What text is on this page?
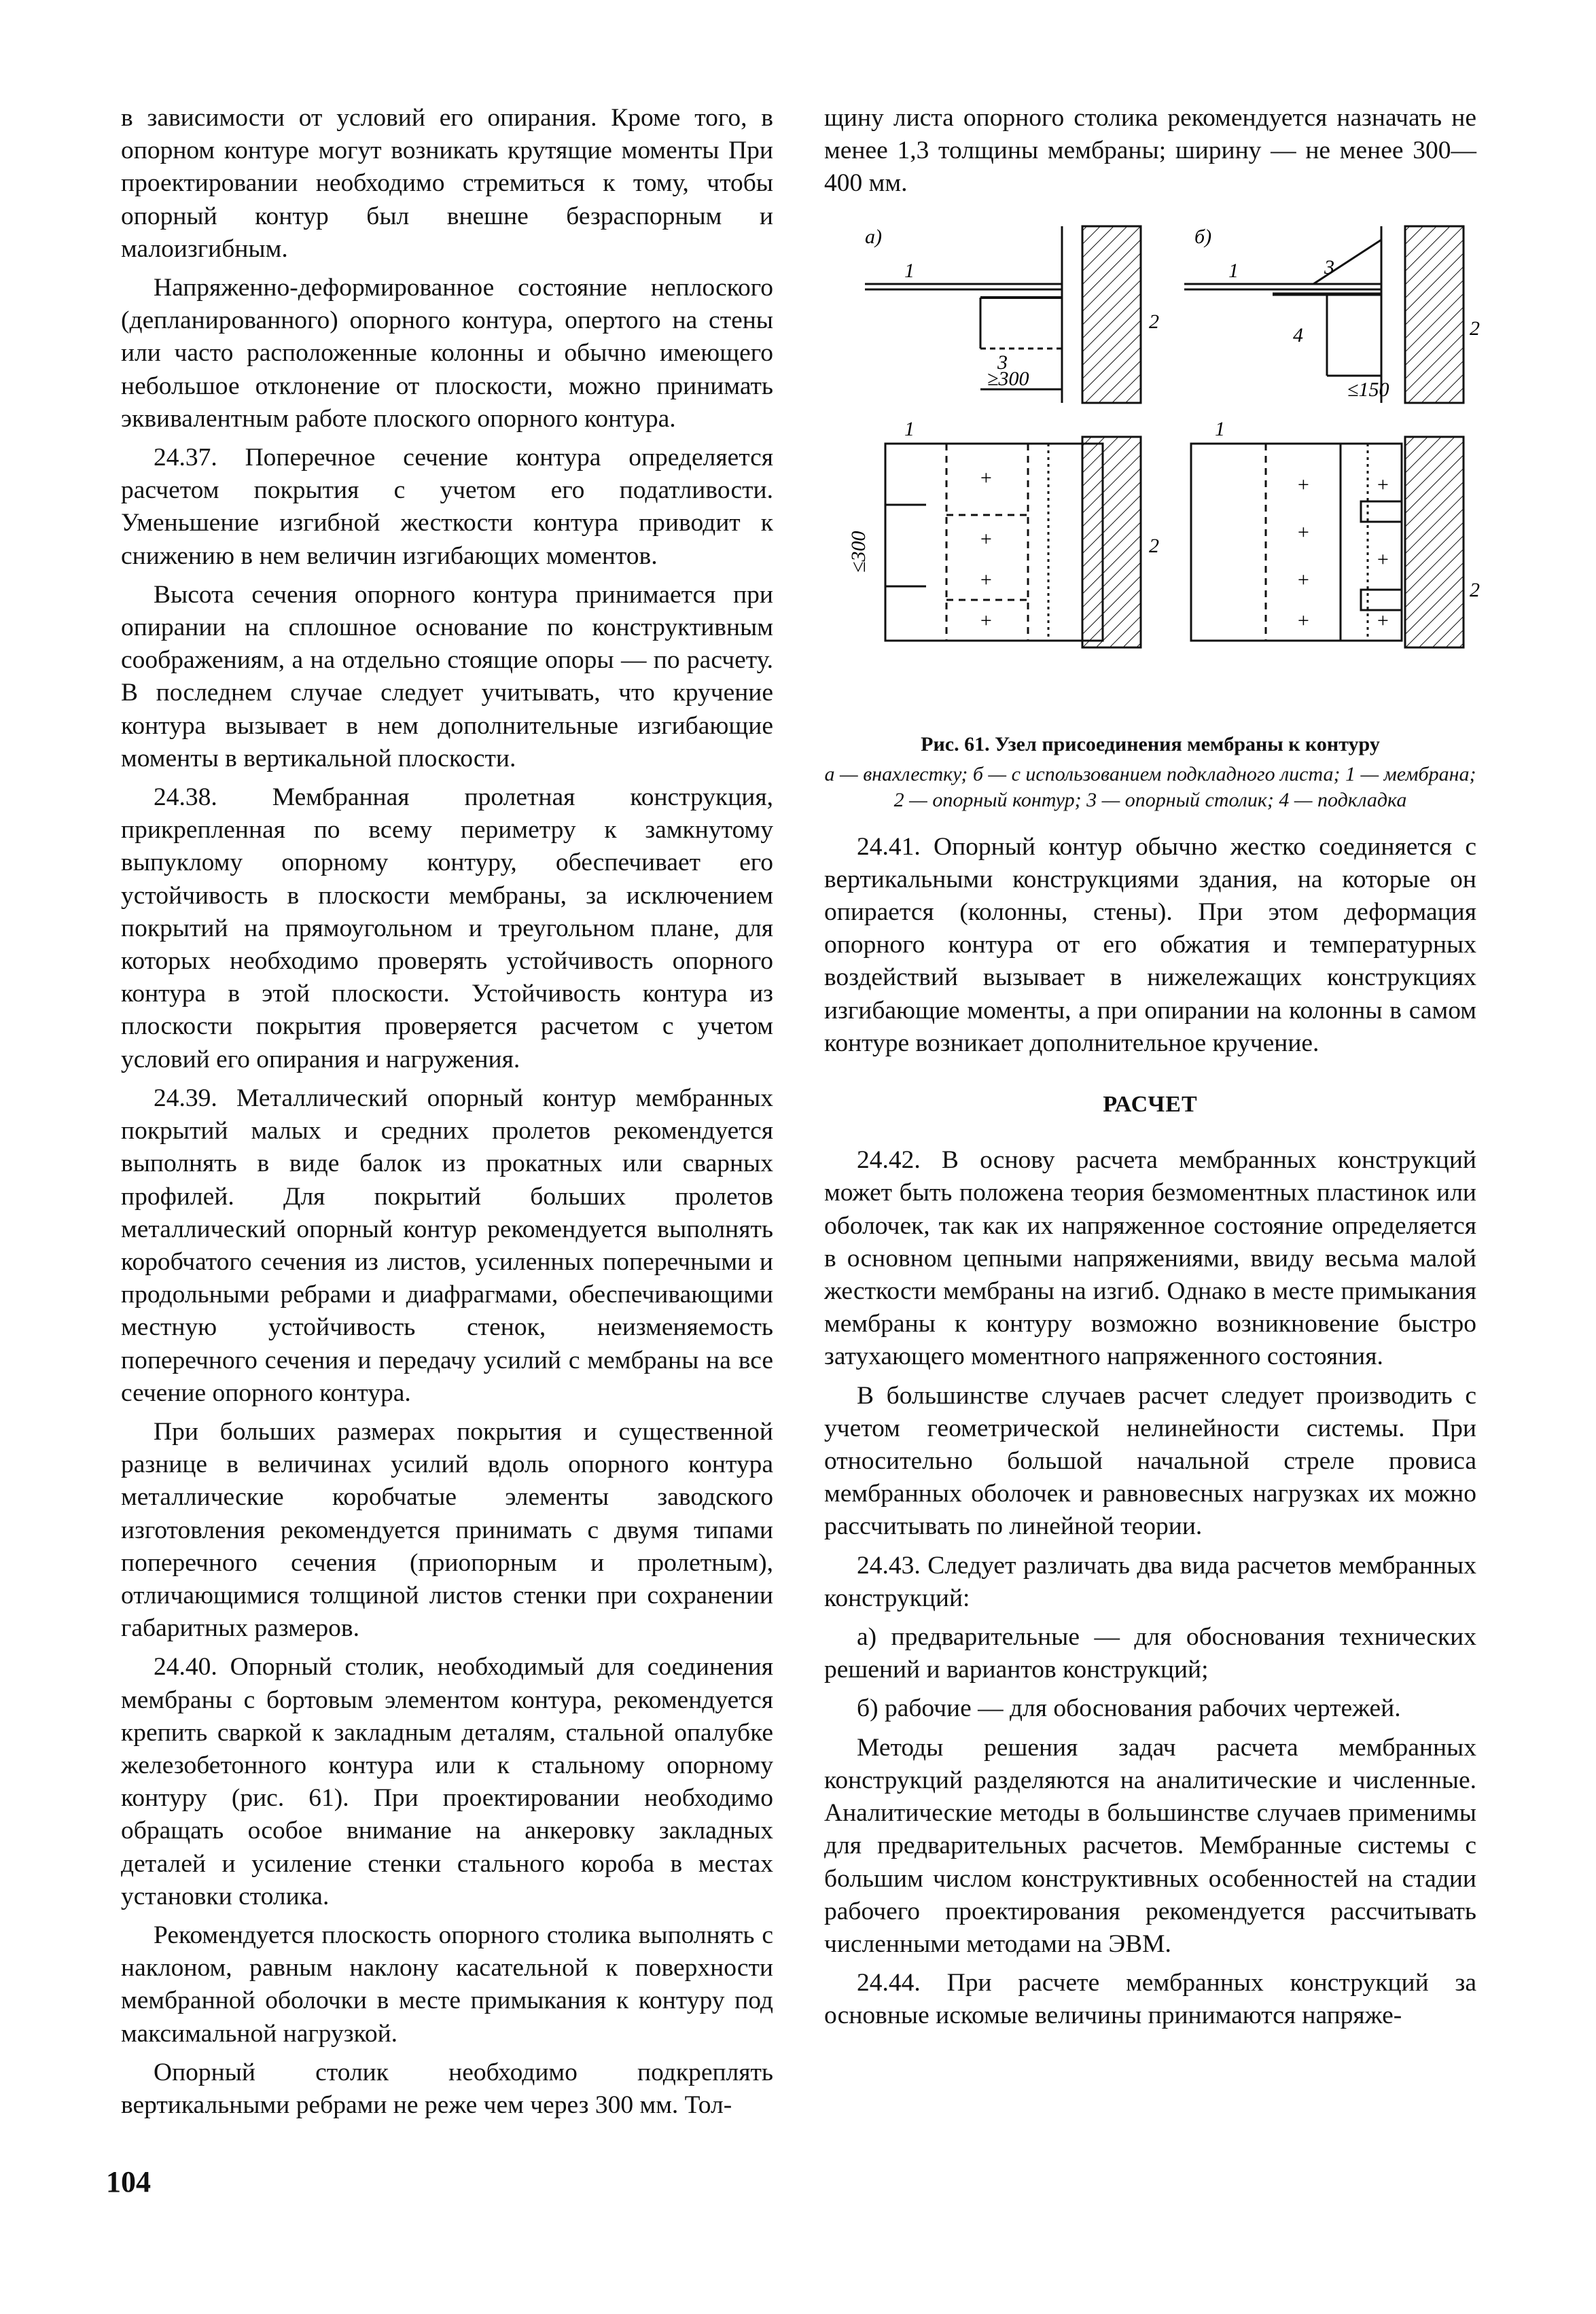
в зависимости от условий его опирания. Кроме того, в опорном контуре могут возникать крутящие моменты При проектировании необходимо стремиться к тому, чтобы опорный контур был внешне безраспорным и малоизгибным.

Напряженно-деформированное состояние неплоского (депланированного) опорного контура, опертого на стены или часто расположенные колонны и обычно имеющего небольшое отклонение от плоскости, можно принимать эквивалентным работе плоского опорного контура.

24.37. Поперечное сечение контура определяется расчетом покрытия с учетом его податливости. Уменьшение изгибной жесткости контура приводит к снижению в нем величин изгибающих моментов.

Высота сечения опорного контура принимается при опирании на сплошное основание по конструктивным соображениям, а на отдельно стоящие опоры — по расчету. В последнем случае следует учитывать, что кручение контура вызывает в нем дополнительные изгибающие моменты в вертикальной плоскости.

24.38. Мембранная пролетная конструкция, прикрепленная по всему периметру к замкнутому выпуклому опорному контуру, обеспечивает его устойчивость в плоскости мембраны, за исключением покрытий на прямоугольном и треугольном плане, для которых необходимо проверять устойчивость опорного контура в этой плоскости. Устойчивость контура из плоскости покрытия проверяется расчетом с учетом условий его опирания и нагружения.

24.39. Металлический опорный контур мембранных покрытий малых и средних пролетов рекомендуется выполнять в виде балок из прокатных или сварных профилей. Для покрытий больших пролетов металлический опорный контур рекомендуется выполнять коробчатого сечения из листов, усиленных поперечными и продольными ребрами и диафрагмами, обеспечивающими местную устойчивость стенок, неизменяемость поперечного сечения и передачу усилий с мембраны на все сечение опорного контура.

При больших размерах покрытия и существенной разнице в величинах усилий вдоль опорного контура металлические коробчатые элементы заводского изготовления рекомендуется принимать с двумя типами поперечного сечения (приопорным и пролетным), отличающимися толщиной листов стенки при сохранении габаритных размеров.

24.40. Опорный столик, необходимый для соединения мембраны с бортовым элементом контура, рекомендуется крепить сваркой к закладным деталям, стальной опалубке железобетонного контура или к стальному опорному контуру (рис. 61). При проектировании необходимо обращать особое внимание на анкеровку закладных деталей и усиление стенки стального короба в местах установки столика.

Рекомендуется плоскость опорного столика выполнять с наклоном, равным наклону касательной к поверхности мембранной оболочки в месте примыкания к контуру под максимальной нагрузкой.

Опорный столик необходимо подкреплять вертикальными ребрами не реже чем через 300 мм. Тол-

щину листа опорного столика рекомендуется назначать не менее 1,3 толщины мембраны; ширину — не менее 300—400 мм.

а)	б)
1
2
3
≥300
1	3
4	2
≤150
1
2
1
2
≤300
+
+
+
+
+
+
+
+
+
+
+
Рис. 61. Узел присоединения мембраны к контуру
а — внахлестку; б — с использованием подкладного листа; 1 — мембрана; 2 — опорный контур; 3 — опорный столик; 4 — подкладка

24.41. Опорный контур обычно жестко соединяется с вертикальными конструкциями здания, на которые он опирается (колонны, стены). При этом деформация опорного контура от его обжатия и температурных воздействий вызывает в нижележащих конструкциях изгибающие моменты, а при опирании на колонны в самом контуре возникает дополнительное кручение.

РАСЧЕТ

24.42. В основу расчета мембранных конструкций может быть положена теория безмоментных пластинок или оболочек, так как их напряженное состояние определяется в основном цепными напряжениями, ввиду весьма малой жесткости мембраны на изгиб. Однако в месте примыкания мембраны к контуру возможно возникновение быстро затухающего моментного напряженного состояния.

В большинстве случаев расчет следует производить с учетом геометрической нелинейности системы. При относительно большой начальной стреле провиса мембранных оболочек и равновесных нагрузках их можно рассчитывать по линейной теории.

24.43. Следует различать два вида расчетов мембранных конструкций:

а) предварительные — для обоснования технических решений и вариантов конструкций;

б) рабочие — для обоснования рабочих чертежей.

Методы решения задач расчета мембранных конструкций разделяются на аналитические и численные. Аналитические методы в большинстве случаев применимы для предварительных расчетов. Мембранные системы с большим числом конструктивных особенностей на стадии рабочего проектирования рекомендуется рассчитывать численными методами на ЭВМ.

24.44. При расчете мембранных конструкций за основные искомые величины принимаются напряже-

104
